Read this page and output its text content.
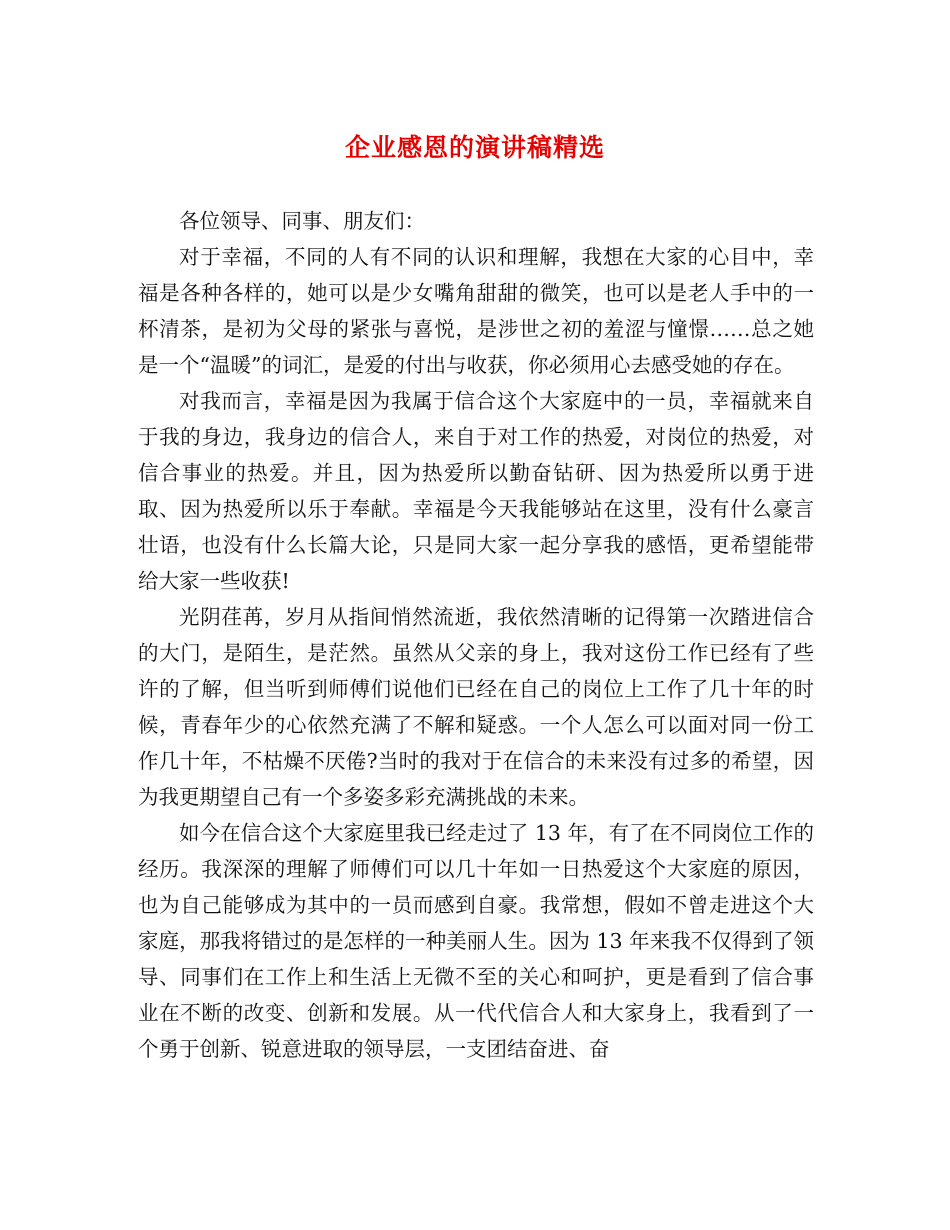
企业感恩的演讲稿精选

各位领导、同事、朋友们：

对于幸福，不同的人有不同的认识和理解，我想在大家的心目中，幸福是各种各样的，她可以是少女嘴角甜甜的微笑，也可以是老人手中的一杯清茶，是初为父母的紧张与喜悦，是涉世之初的羞涩与憧憬……总之她是一个“温暖”的词汇，是爱的付出与收获，你必须用心去感受她的存在。

对我而言，幸福是因为我属于信合这个大家庭中的一员，幸福就来自于我的身边，我身边的信合人，来自于对工作的热爱，对岗位的热爱，对信合事业的热爱。并且，因为热爱所以勤奋钻研、因为热爱所以勇于进取、因为热爱所以乐于奉献。幸福是今天我能够站在这里，没有什么豪言壮语，也没有什么长篇大论，只是同大家一起分享我的感悟，更希望能带给大家一些收获!

光阴荏苒，岁月从指间悄然流逝，我依然清晰的记得第一次踏进信合的大门，是陌生，是茫然。虽然从父亲的身上，我对这份工作已经有了些许的了解，但当听到师傅们说他们已经在自己的岗位上工作了几十年的时候，青春年少的心依然充满了不解和疑惑。一个人怎么可以面对同一份工作几十年，不枯燥不厌倦?当时的我对于在信合的未来没有过多的希望，因为我更期望自己有一个多姿多彩充满挑战的未来。

如今在信合这个大家庭里我已经走过了 13 年，有了在不同岗位工作的经历。我深深的理解了师傅们可以几十年如一日热爱这个大家庭的原因，也为自己能够成为其中的一员而感到自豪。我常想，假如不曾走进这个大家庭，那我将错过的是怎样的一种美丽人生。因为 13 年来我不仅得到了领导、同事们在工作上和生活上无微不至的关心和呵护，更是看到了信合事业在不断的改变、创新和发展。从一代代信合人和大家身上，我看到了一个勇于创新、锐意进取的领导层，一支团结奋进、奋
